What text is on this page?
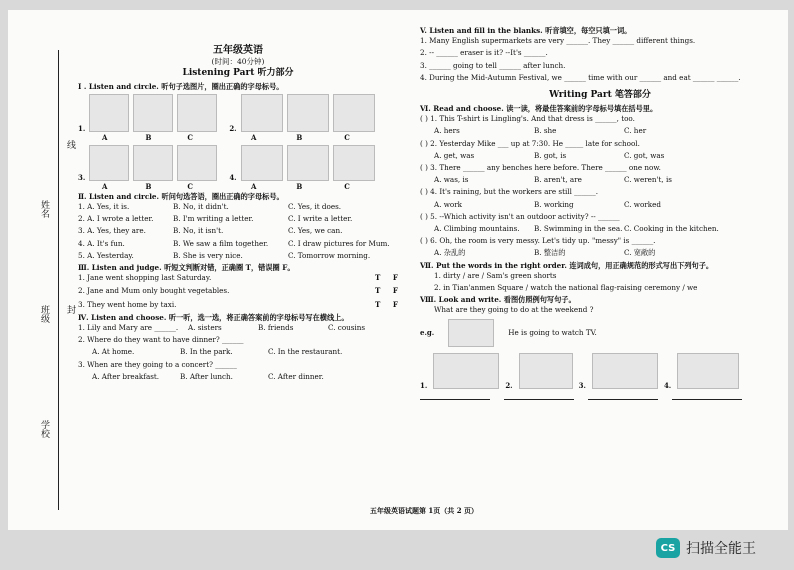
姓名
班级
学校
线
封
五年级英语
(时间：40分钟)
Listening Part 听力部分
I . Listen and circle. 听句子选图片，圈出正确的字母标号。
1.	2.
A	B	C	A	B	C
3.	4.
A	B	C	A	B	C
Ⅱ. Listen and circle. 听问句选答语，圈出正确的字母标号。
1. A. Yes, it is.	B. No, it didn't.	C. Yes, it does.
2. A. I wrote a letter.	B. I'm writing a letter.	C. I write a letter.
3. A. Yes, they are.	B. No, it isn't.	C. Yes, we can.
4. A. It's fun.	B. We saw a film together.	C. I draw pictures for Mum.
5. A. Yesterday.	B. She is very nice.	C. Tomorrow morning.
Ⅲ. Listen and judge. 听短文判断对错，正确圈 T，错误圈 F。
1. Jane went shopping last Saturday.	T F
2. Jane and Mum only bought vegetables.	T F
3. They went home by taxi.	T F
Ⅳ. Listen and choose. 听一听，选一选，将正确答案前的字母标号写在横线上。
1. Lily and Mary are ______.	A. sisters	B. friends	C. cousins
2. Where do they want to have dinner? ______
A. At home.	B. In the park.	C. In the restaurant.
3. When are they going to a concert? ______
A. After breakfast.	B. After lunch.	C. After dinner.
V. Listen and fill in the blanks. 听音填空，每空只填一词。
1. Many English supermarkets are very ______. They ______ different things.
2. -- ______ eraser is it? --It's ______.
3. ______ going to tell ______ after lunch.
4. During the Mid-Autumn Festival, we ______ time with our ______ and eat ______ ______.
Writing Part 笔答部分
Ⅵ. Read and choose. 读一读，将最佳答案前的字母标号填在括号里。
( ) 1. This T-shirt is Lingling's. And that dress is ______, too.
A. hers	B. she	C. her
( ) 2. Yesterday Mike ___ up at 7:30. He _____ late for school.
A. get, was	B. got, is	C. got, was
( ) 3. There ______ any benches here before. There ______ one now.
A. was, is	B. aren't, are	C. weren't, is
( ) 4. It's raining, but the workers are still ______.
A. work	B. working	C. worked
( ) 5. --Which activity isn't an outdoor activity? -- ______
A. Climbing mountains.	B. Swimming in the sea. C. Cooking in the kitchen.
( ) 6. Oh, the room is very messy. Let's tidy up. "messy" is ______.
A. 杂乱的	B. 整洁的	C. 宽敞的
Ⅶ. Put the words in the right order. 连词成句，用正确规范的形式写出下列句子。
1. dirty / are / Sam's green shorts
2. in Tian'anmen Square / watch the national flag-raising ceremony / we
Ⅷ. Look and write. 看图仿照例句写句子。
What are they going to do at the weekend ?
e.g.	He is going to watch TV.
1.	2.	3.	4.
五年级英语试题第 1页（共 2 页）
CS 扫描全能王
